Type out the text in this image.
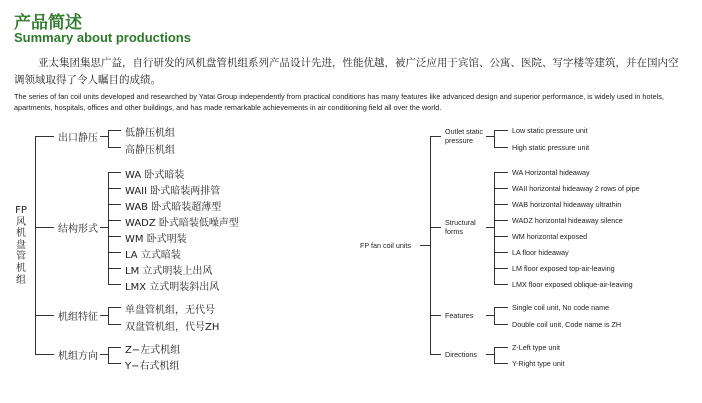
产品简述
Summary about productions
亚太集团集思广益，自行研发的风机盘管机组系列产品设计先进，性能优越，被广泛应用于宾馆、公寓、医院、写字楼等建筑，并在国内空调领域取得了令人瞩目的成绩。
The series of fan coil units developed and researched by Yatai Group independently from practical conditions has many features like advanced design and superior performance, is widely used in hotels, apartments, hospitals, offices and other buildings, and has made remarkable achievements in air conditioning field all over the world.
FP风机盘管机组
出口静压	低静压机组
高静压机组
结构形式
WA 卧式暗装
WAII 卧式暗装两排管
WAB 卧式暗装超薄型
WADZ 卧式暗装低噪声型
WM 卧式明装
LA 立式暗装
LM 立式明装上出风
LMX 立式明装斜出风
机组特征
单盘管机组，无代号
双盘管机组，代号ZH
机组方向
Z−左式机组
Y−右式机组
FP fan coil units
Outlet static pressure
Low static pressure unit
High static pressure unit
Structural forms
WA Horizontal hideaway
WAII horizontal hideaway 2 rows of pipe
WAB horizontal hideaway ultrathin
WADZ horizontal hideaway silence
WM horizontal exposed
LA floor hideaway
LM floor exposed top-air-leaving
LMX floor exposed oblique-air-leaving
Features
Single coil unit, No code name
Double coil unit, Code name is ZH
Directions
Z-Left type unit
Y-Right type unit
